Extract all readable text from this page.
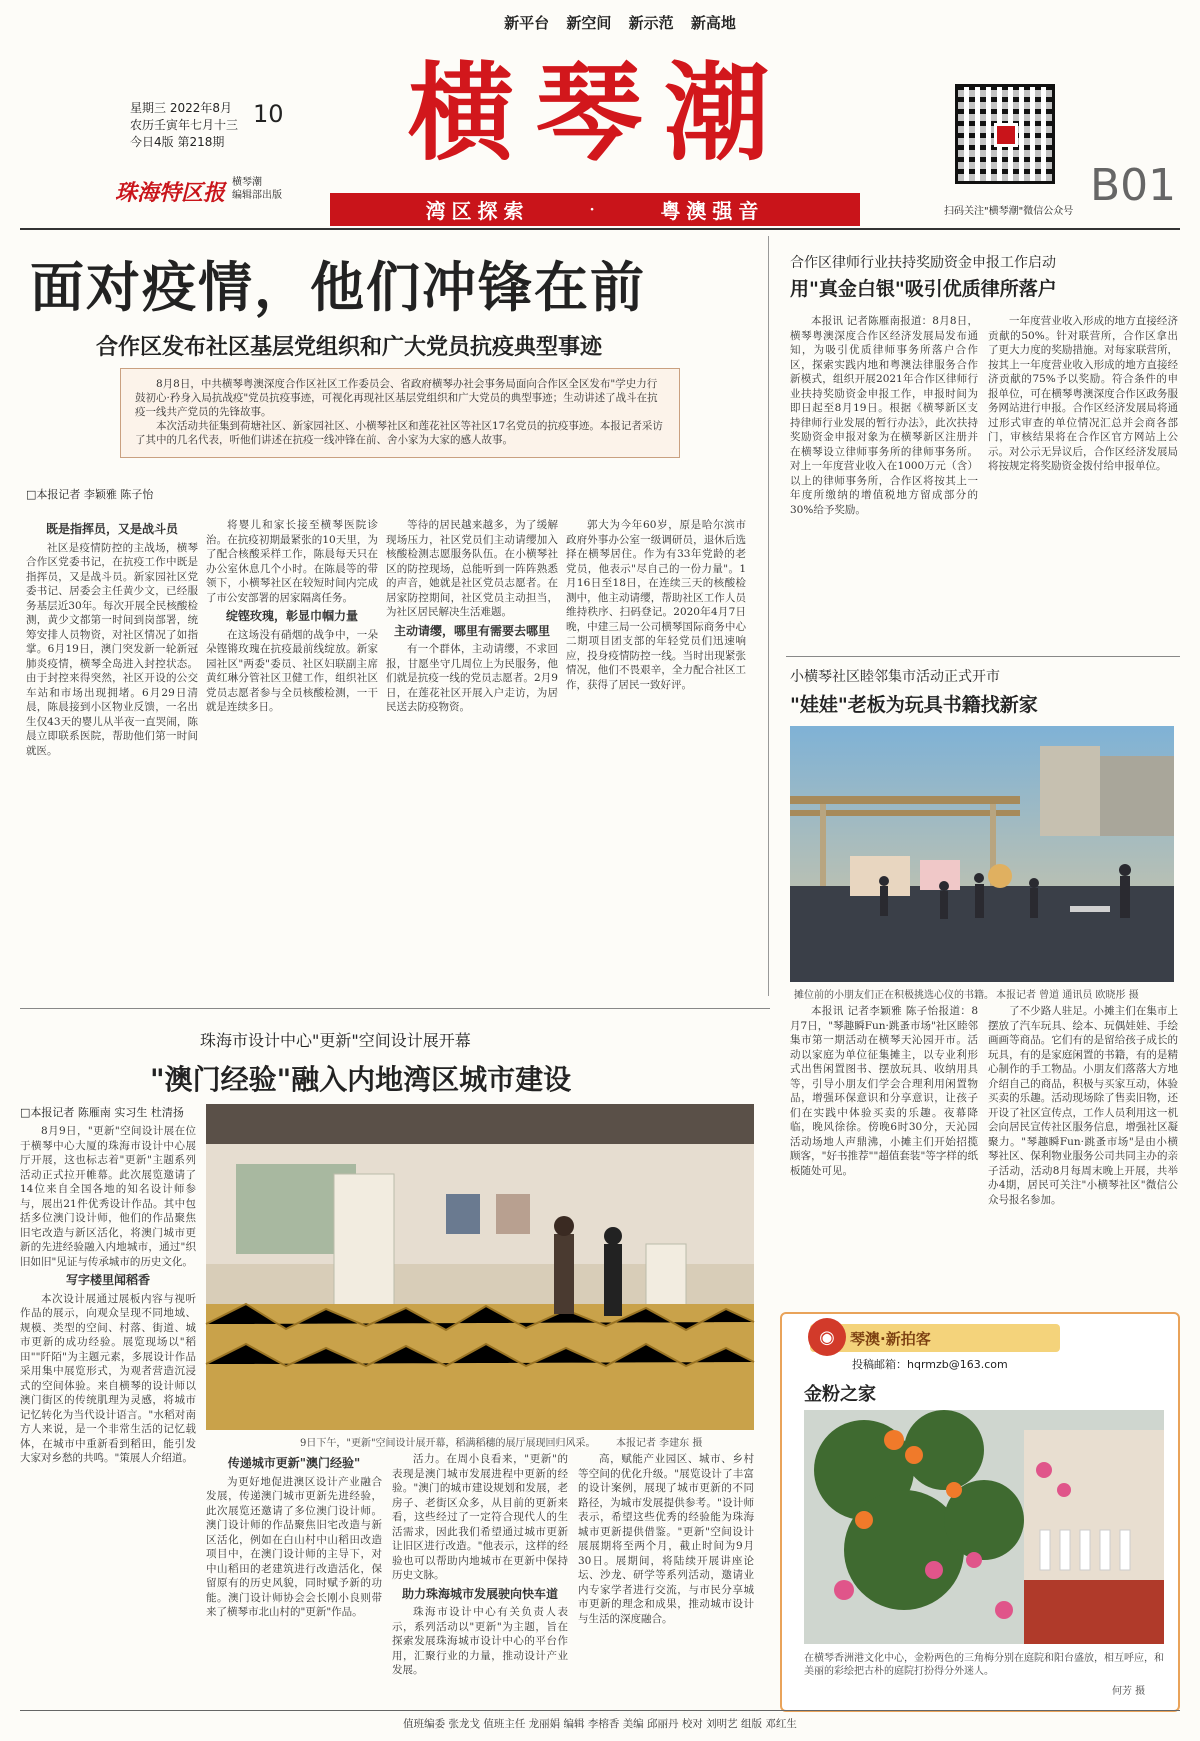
新平台 新空间 新示范 新高地
星期三 2022年8月
农历壬寅年七月十三
今日4版 第218期
10	横琴潮
珠海特区报 横琴潮
编辑部出版
湾区探索	·	粤澳强音	扫码关注"横琴潮"微信公众号
B01
面对疫情，他们冲锋在前
合作区发布社区基层党组织和广大党员抗疫典型事迹

8月8日，中共横琴粤澳深度合作区社区工作委员会、省政府横琴办社会事务局面向合作区全区发布"学史力行鼓初心·矜身入局抗战疫"党员抗疫事迹，可视化再现社区基层党组织和广大党员的典型事迹；生动讲述了战斗在抗疫一线共产党员的先锋故事。

本次活动共征集到荷塘社区、新家园社区、小横琴社区和莲花社区等社区17名党员的抗疫事迹。本报记者采访了其中的几名代表，听他们讲述在抗疫一线冲锋在前、舍小家为大家的感人故事。

□本报记者 李颖雅 陈子怡
既是指挥员，又是战斗员

社区是疫情防控的主战场，横琴合作区党委书记，在抗疫工作中既是指挥员，又是战斗员。新家园社区党委书记、居委会主任黄少文，已经服务基层近30年。每次开展全民核酸检测，黄少文都第一时间到岗部署，统筹安排人员物资，对社区情况了如指掌。6月19日，澳门突发新一轮新冠肺炎疫情，横琴全岛进入封控状态。由于封控来得突然，社区开设的公交车站和市场出现拥堵。6月29日清晨，陈晨接到小区物业反馈，一名出生仅43天的婴儿从半夜一直哭闹，陈晨立即联系医院，帮助他们第一时间就医。

将婴儿和家长接至横琴医院诊治。在抗疫初期最紧张的10天里，为了配合核酸采样工作，陈晨每天只在办公室休息几个小时。在陈晨等的带领下，小横琴社区在较短时间内完成了市公安部署的居家隔离任务。

绽铿玫瑰，彰显巾帼力量

在这场没有硝烟的战争中，一朵朵铿锵玫瑰在抗疫最前线绽放。新家园社区"两委"委员、社区妇联副主席黄红琳分管社区卫健工作，组织社区党员志愿者参与全员核酸检测，一干就是连续多日。

等待的居民越来越多，为了缓解现场压力，社区党员们主动请缨加入核酸检测志愿服务队伍。在小横琴社区的防控现场，总能听到一阵阵熟悉的声音，她就是社区党员志愿者。在居家防控期间，社区党员主动担当，为社区居民解决生活难题。

主动请缨，哪里有需要去哪里

有一个群体，主动请缨，不求回报，甘愿坐守几周位上为民服务，他们就是抗疫一线的党员志愿者。2月9日，在莲花社区开展入户走访，为居民送去防疫物资。

郭大为今年60岁，原是哈尔滨市政府外事办公室一级调研员，退休后选择在横琴居住。作为有33年党龄的老党员，他表示"尽自己的一份力量"。1月16日至18日，在连续三天的核酸检测中，他主动请缨，帮助社区工作人员维持秩序、扫码登记。2020年4月7日晚，中建三局一公司横琴国际商务中心二期项目团支部的年轻党员们迅速响应，投身疫情防控一线。当时出现紧张情况，他们不畏艰辛，全力配合社区工作，获得了居民一致好评。

合作区律师行业扶持奖励资金申报工作启动
用"真金白银"吸引优质律所落户

本报讯 记者陈雁南报道：8月8日，横琴粤澳深度合作区经济发展局发布通知，为吸引优质律师事务所落户合作区，探索实践内地和粤澳法律服务合作新模式，组织开展2021年合作区律师行业扶持奖励资金申报工作，申报时间为即日起至8月19日。根据《横琴新区支持律师行业发展的暂行办法》，此次扶持奖励资金申报对象为在横琴新区注册并在横琴设立律师事务所的律师事务所。对上一年度营业收入在1000万元（含）以上的律师事务所，合作区将按其上一年度所缴纳的增值税地方留成部分的30%给予奖励。

一年度营业收入形成的地方直接经济贡献的50%。针对联营所，合作区拿出了更大力度的奖励措施。对每家联营所，按其上一年度营业收入形成的地方直接经济贡献的75%予以奖励。符合条件的申报单位，可在横琴粤澳深度合作区政务服务网站进行申报。合作区经济发展局将通过形式审查的单位情况汇总并会商各部门，审核结果将在合作区官方网站上公示。对公示无异议后，合作区经济发展局将按规定将奖励资金拨付给申报单位。

小横琴社区睦邻集市活动正式开市
"娃娃"老板为玩具书籍找新家
摊位前的小朋友们正在积极挑选心仪的书籍。 本报记者 曾道 通讯员 欧晓彤 摄

本报讯 记者李颖雅 陈子怡报道：8月7日，"琴趣瞬Fun·跳蚤市场"社区睦邻集市第一期活动在横琴天沁园开市。活动以家庭为单位征集摊主，以专业利形式出售闲置图书、摆放玩具、收纳用具等，引导小朋友们学会合理利用闲置物品，增强环保意识和分享意识，让孩子们在实践中体验买卖的乐趣。夜幕降临，晚风徐徐。傍晚6时30分，天沁园活动场地人声鼎沸，小摊主们开始招揽顾客，"好书推荐""超值套装"等字样的纸板随处可见。

了不少路人驻足。小摊主们在集市上摆放了汽车玩具、绘本、玩偶娃娃、手绘画画等商品。它们有的是留给孩子成长的玩具，有的是家庭闲置的书籍，有的是精心制作的手工物品。小朋友们落落大方地介绍自己的商品，积极与买家互动，体验买卖的乐趣。活动现场除了售卖旧物，还开设了社区宣传点，工作人员利用这一机会向居民宣传社区服务信息，增强社区凝聚力。"琴趣瞬Fun·跳蚤市场"是由小横琴社区、保利物业服务公司共同主办的亲子活动，活动8月每周末晚上开展，共举办4期，居民可关注"小横琴社区"微信公众号报名参加。

珠海市设计中心"更新"空间设计展开幕
"澳门经验"融入内地湾区城市建设
□本报记者 陈雁南 实习生 杜清扬

8月9日，"更新"空间设计展在位于横琴中心大厦的珠海市设计中心展厅开展，这也标志着"更新"主题系列活动正式拉开帷幕。此次展览邀请了14位来自全国各地的知名设计师参与，展出21件优秀设计作品。其中包括多位澳门设计师，他们的作品聚焦旧宅改造与新区活化，将澳门城市更新的先进经验融入内地城市，通过"织旧如旧"见证与传承城市的历史文化。

写字楼里闻稻香

本次设计展通过展板内容与视听作品的展示，向观众呈现不同地域、规模、类型的空间、村落、街道、城市更新的成功经验。展览现场以"稻田""阡陌"为主题元素，多展设计作品采用集中展览形式，为观者营造沉浸式的空间体验。来自横琴的设计师以澳门街区的传统肌理为灵感，将城市记忆转化为当代设计语言。"水稻对南方人来说，是一个非常生活的记忆载体，在城市中重新看到稻田，能引发大家对乡愁的共鸣。"策展人介绍道。

9日下午，"更新"空间设计展开幕，稻满稻穗的展厅展现回归风采。 本报记者 李建东 摄
传递城市更新"澳门经验"

为更好地促进澳区设计产业融合发展，传递澳门城市更新先进经验，此次展览还邀请了多位澳门设计师。澳门设计师的作品聚焦旧宅改造与新区活化，例如在白山村中山稻田改造项目中，在澳门设计师的主导下，对中山稻田的老建筑进行改造活化，保留原有的历史风貌，同时赋予新的功能。澳门设计师协会会长刚小良则带来了横琴市北山村的"更新"作品。

活力。在周小良看来，"更新"的表现是澳门城市发展进程中更新的经验。"澳门的城市建设规划和发展，老房子、老街区众多，从目前的更新来看，这些经过了一定符合现代人的生活需求，因此我们希望通过城市更新让旧区进行改造。"他表示，这样的经验也可以帮助内地城市在更新中保持历史文脉。

助力珠海城市发展驶向快车道

珠海市设计中心有关负责人表示，系列活动以"更新"为主题，旨在探索发展珠海城市设计中心的平台作用，汇聚行业的力量，推动设计产业发展。

高，赋能产业园区、城市、乡村等空间的优化升级。"展览设计了丰富的设计案例，展现了城市更新的不同路径，为城市发展提供参考。"设计师表示，希望这些优秀的经验能为珠海城市更新提供借鉴。"更新"空间设计展展期将至两个月，截止时间为9月30日。展期间，将陆续开展讲座论坛、沙龙、研学等系列活动，邀请业内专家学者进行交流，与市民分享城市更新的理念和成果，推动城市设计与生活的深度融合。

琴澳·新拍客
◉
投稿邮箱：hqrmzb@163.com
金粉之家
在横琴香洲港文化中心，金粉两色的三角梅分别在庭院和阳台盛放，相互呼应，和美丽的彩绘把古朴的庭院打扮得分外迷人。
何芳 摄
值班编委 张龙戈 值班主任 龙丽娟 编辑 李榕香 美编 邱丽丹 校对 刘明艺 组版 邓红生
